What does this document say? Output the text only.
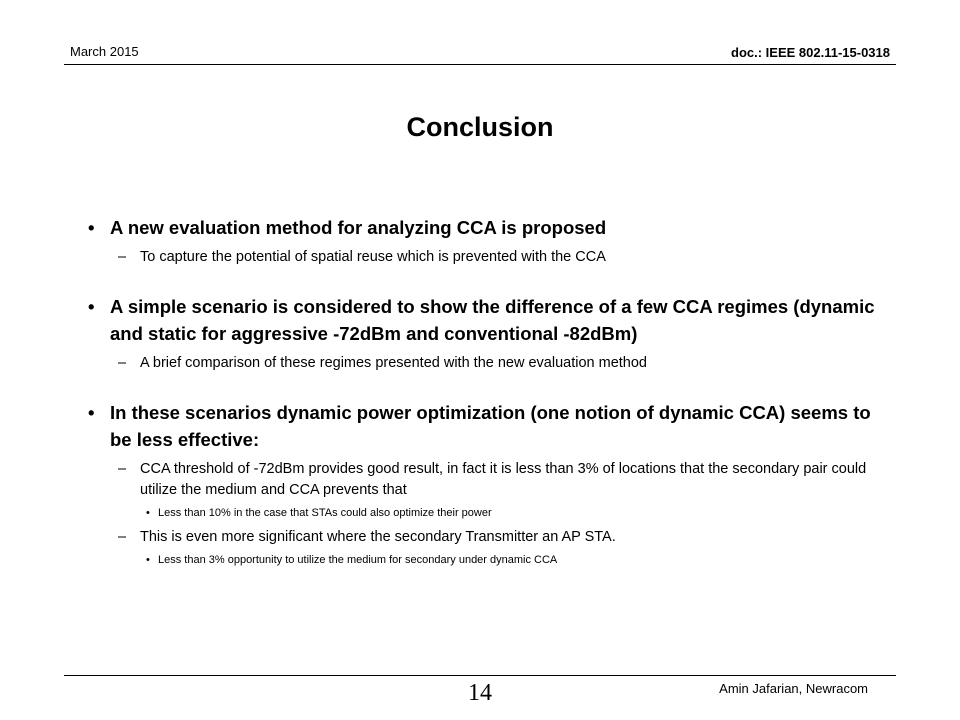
March 2015	doc.: IEEE 802.11-15-0318
Conclusion
• A new evaluation method for analyzing CCA is proposed
– To capture the potential of spatial reuse which is prevented with the CCA
• A simple scenario is considered to show the difference of a few CCA regimes (dynamic and static for aggressive -72dBm and conventional -82dBm)
– A brief comparison of these regimes presented with the new evaluation method
• In these scenarios dynamic power optimization (one notion of dynamic CCA) seems to be less effective:
– CCA threshold of -72dBm provides good result, in fact it is less than 3% of locations that the secondary pair could utilize the medium and CCA prevents that
• Less than 10% in the case that STAs could also optimize their power
– This is even more significant where the secondary Transmitter an AP STA.
• Less than 3% opportunity to utilize the medium for secondary under dynamic CCA
14	Amin Jafarian, Newracom
